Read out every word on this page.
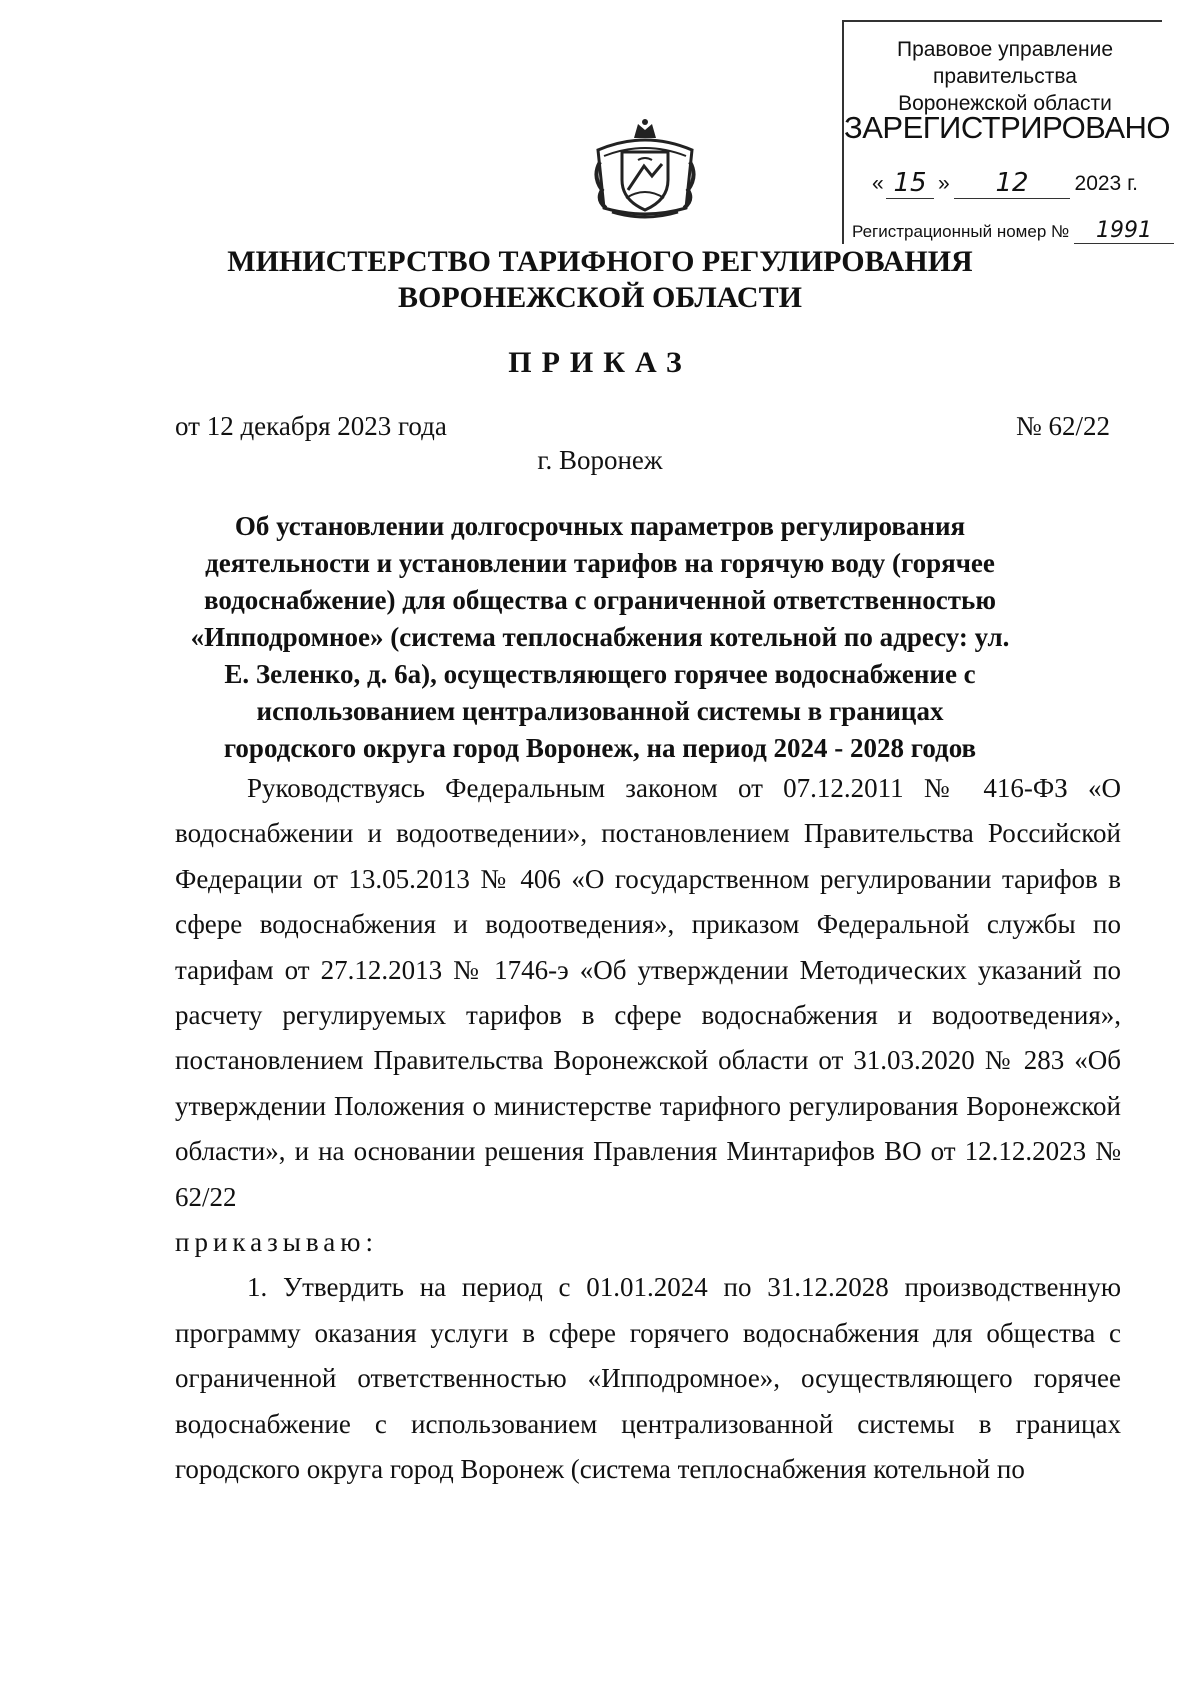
Правовое управление правительства
Воронежской области
ЗАРЕГИСТРИРОВАНО
« 15 »	12	2023 г.
Регистрационный номер № 1991
МИНИСТЕРСТВО ТАРИФНОГО РЕГУЛИРОВАНИЯ
ВОРОНЕЖСКОЙ ОБЛАСТИ
ПРИКАЗ
от 12 декабря 2023 года	№ 62/22
г. Воронеж
Об установлении долгосрочных параметров регулирования деятельности и установлении тарифов на горячую воду (горячее водоснабжение) для общества с ограниченной ответственностью «Ипподромное» (система теплоснабжения котельной по адресу: ул. Е. Зеленко, д. 6а), осуществляющего горячее водоснабжение с использованием централизованной системы в границах городского округа город Воронеж, на период 2024 - 2028 годов

Руководствуясь Федеральным законом от 07.12.2011 № 416-ФЗ «О водоснабжении и водоотведении», постановлением Правительства Российской Федерации от 13.05.2013 № 406 «О государственном регулировании тарифов в сфере водоснабжения и водоотведения», приказом Федеральной службы по тарифам от 27.12.2013 № 1746-э «Об утверждении Методических указаний по расчету регулируемых тарифов в сфере водоснабжения и водоотведения», постановлением Правительства Воронежской области от 31.03.2020 № 283 «Об утверждении Положения о министерстве тарифного регулирования Воронежской области», и на основании решения Правления Минтарифов ВО от 12.12.2023 № 62/22

приказываю:

1. Утвердить на период с 01.01.2024 по 31.12.2028 производственную программу оказания услуги в сфере горячего водоснабжения для общества с ограниченной ответственностью «Ипподромное», осуществляющего горячее водоснабжение с использованием централизованной системы в границах городского округа город Воронеж (система теплоснабжения котельной по
